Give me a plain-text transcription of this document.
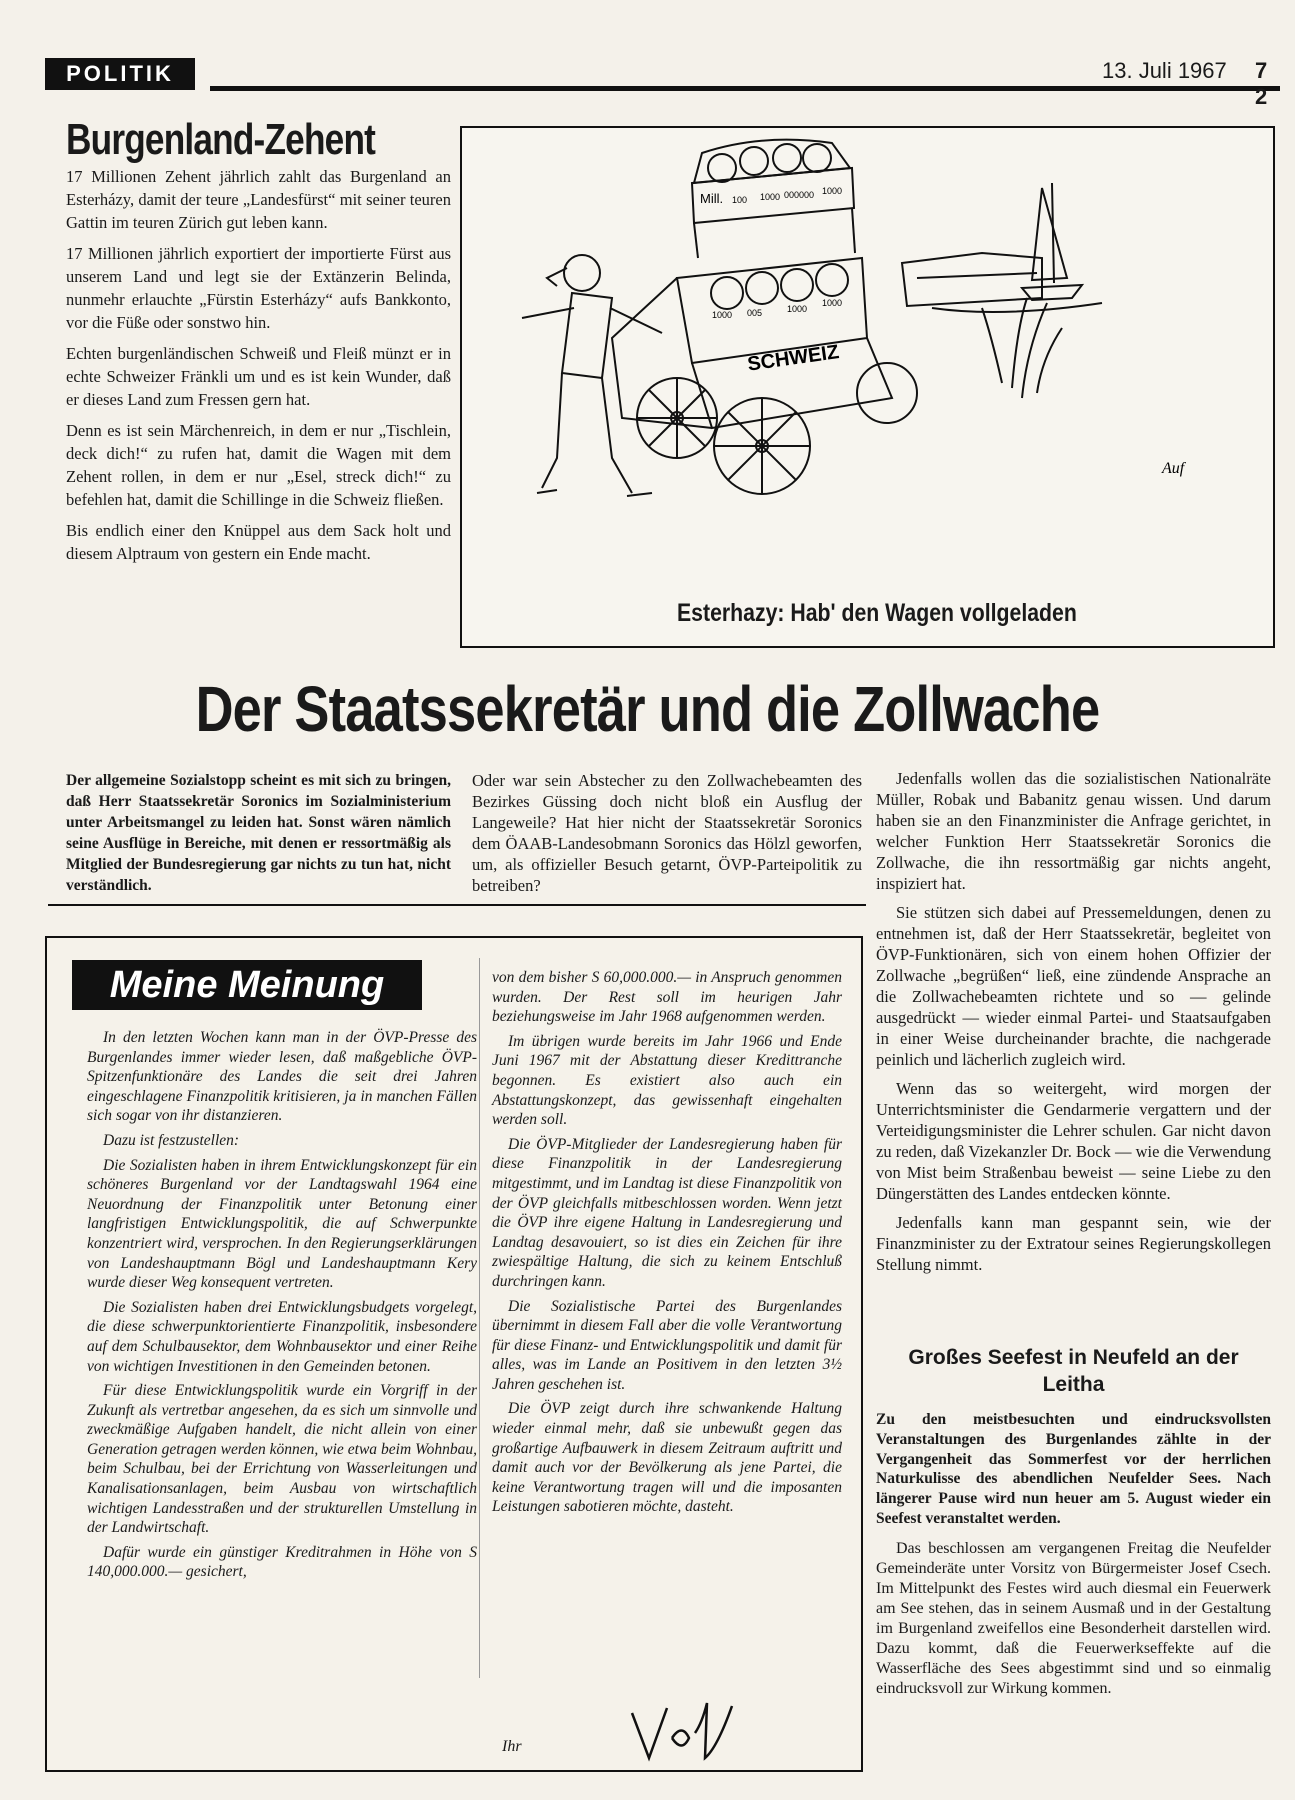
POLITIK	13. Juli 1967 7 2
Burgenland-Zehent

17 Millionen Zehent jährlich zahlt das Burgenland an Esterházy, damit der teure „Landesfürst“ mit seiner teuren Gattin im teuren Zürich gut leben kann.

17 Millionen jährlich exportiert der importierte Fürst aus unserem Land und legt sie der Extänzerin Belinda, nunmehr erlauchte „Fürstin Esterházy“ aufs Bankkonto, vor die Füße oder sonstwo hin.

Echten burgenländischen Schweiß und Fleiß münzt er in echte Schweizer Fränkli um und es ist kein Wunder, daß er dieses Land zum Fressen gern hat.

Denn es ist sein Märchenreich, in dem er nur „Tischlein, deck dich!“ zu rufen hat, damit die Wagen mit dem Zehent rollen, in dem er nur „Esel, streck dich!“ zu befehlen hat, damit die Schillinge in die Schweiz fließen.

Bis endlich einer den Knüppel aus dem Sack holt und diesem Alptraum von gestern ein Ende macht.

SCHWEIZ
Mill. 100 1000 000000 1000
1000 005	1000
1000
Auf
Esterhazy: Hab' den Wagen vollgeladen
Der Staatssekretär und die Zollwache
Der allgemeine Sozialstopp scheint es mit sich zu bringen, daß Herr Staatssekretär Soronics im Sozialministerium unter Arbeitsmangel zu leiden hat. Sonst wären nämlich seine Ausflüge in Bereiche, mit denen er ressortmäßig als Mitglied der Bundesregierung gar nichts zu tun hat, nicht verständlich.
Oder war sein Abstecher zu den Zollwachebeamten des Bezirkes Güssing doch nicht bloß ein Ausflug der Langeweile? Hat hier nicht der Staatssekretär Soronics dem ÖAAB-Landesobmann Soronics das Hölzl geworfen, um, als offizieller Besuch getarnt, ÖVP-Parteipolitik zu betreiben?

Jedenfalls wollen das die sozialistischen Nationalräte Müller, Robak und Babanitz genau wissen. Und darum haben sie an den Finanzminister die Anfrage gerichtet, in welcher Funktion Herr Staatssekretär Soronics die Zollwache, die ihn ressortmäßig gar nichts angeht, inspiziert hat.

Sie stützen sich dabei auf Pressemeldungen, denen zu entnehmen ist, daß der Herr Staatssekretär, begleitet von ÖVP-Funktionären, sich von einem hohen Offizier der Zollwache „begrüßen“ ließ, eine zündende Ansprache an die Zollwachebeamten richtete und so — gelinde ausgedrückt — wieder einmal Partei- und Staatsaufgaben in einer Weise durcheinander brachte, die nachgerade peinlich und lächerlich zugleich wird.

Wenn das so weitergeht, wird morgen der Unterrichtsminister die Gendarmerie vergattern und der Verteidigungsminister die Lehrer schulen. Gar nicht davon zu reden, daß Vizekanzler Dr. Bock — wie die Verwendung von Mist beim Straßenbau beweist — seine Liebe zu den Düngerstätten des Landes entdecken könnte.

Jedenfalls kann man gespannt sein, wie der Finanzminister zu der Extratour seines Regierungskollegen Stellung nimmt.

Meine Meinung

In den letzten Wochen kann man in der ÖVP-Presse des Burgenlandes immer wieder lesen, daß maßgebliche ÖVP-Spitzenfunktionäre des Landes die seit drei Jahren eingeschlagene Finanzpolitik kritisieren, ja in manchen Fällen sich sogar von ihr distanzieren.

Dazu ist festzustellen:

Die Sozialisten haben in ihrem Entwicklungskonzept für ein schöneres Burgenland vor der Landtagswahl 1964 eine Neuordnung der Finanzpolitik unter Betonung einer langfristigen Entwicklungspolitik, die auf Schwerpunkte konzentriert wird, versprochen. In den Regierungserklärungen von Landeshauptmann Bögl und Landeshauptmann Kery wurde dieser Weg konsequent vertreten.

Die Sozialisten haben drei Entwicklungsbudgets vorgelegt, die diese schwerpunktorientierte Finanzpolitik, insbesondere auf dem Schulbausektor, dem Wohnbausektor und einer Reihe von wichtigen Investitionen in den Gemeinden betonen.

Für diese Entwicklungspolitik wurde ein Vorgriff in der Zukunft als vertretbar angesehen, da es sich um sinnvolle und zweckmäßige Aufgaben handelt, die nicht allein von einer Generation getragen werden können, wie etwa beim Wohnbau, beim Schulbau, bei der Errichtung von Wasserleitungen und Kanalisationsanlagen, beim Ausbau von wirtschaftlich wichtigen Landesstraßen und der strukturellen Umstellung in der Landwirtschaft.

Dafür wurde ein günstiger Kreditrahmen in Höhe von S 140,000.000.— gesichert,

von dem bisher S 60,000.000.— in Anspruch genommen wurden. Der Rest soll im heurigen Jahr beziehungsweise im Jahr 1968 aufgenommen werden.

Im übrigen wurde bereits im Jahr 1966 und Ende Juni 1967 mit der Abstattung dieser Kredittranche begonnen. Es existiert also auch ein Abstattungskonzept, das gewissenhaft eingehalten werden soll.

Die ÖVP-Mitglieder der Landesregierung haben für diese Finanzpolitik in der Landesregierung mitgestimmt, und im Landtag ist diese Finanzpolitik von der ÖVP gleichfalls mitbeschlossen worden. Wenn jetzt die ÖVP ihre eigene Haltung in Landesregierung und Landtag desavouiert, so ist dies ein Zeichen für ihre zwiespältige Haltung, die sich zu keinem Entschluß durchringen kann.

Die Sozialistische Partei des Burgenlandes übernimmt in diesem Fall aber die volle Verantwortung für diese Finanz- und Entwicklungspolitik und damit für alles, was im Lande an Positivem in den letzten 3½ Jahren geschehen ist.

Die ÖVP zeigt durch ihre schwankende Haltung wieder einmal mehr, daß sie unbewußt gegen das großartige Aufbauwerk in diesem Zeitraum auftritt und damit auch vor der Bevölkerung als jene Partei, die keine Verantwortung tragen will und die imposanten Leistungen sabotieren möchte, dasteht.

Ihr
Großes Seefest in Neufeld an der Leitha

Zu den meistbesuchten und eindrucksvollsten Veranstaltungen des Burgenlandes zählte in der Vergangenheit das Sommerfest vor der herrlichen Naturkulisse des abendlichen Neufelder Sees. Nach längerer Pause wird nun heuer am 5. August wieder ein Seefest veranstaltet werden.

Das beschlossen am vergangenen Freitag die Neufelder Gemeinderäte unter Vorsitz von Bürgermeister Josef Csech. Im Mittelpunkt des Festes wird auch diesmal ein Feuerwerk am See stehen, das in seinem Ausmaß und in der Gestaltung im Burgenland zweifellos eine Besonderheit darstellen wird. Dazu kommt, daß die Feuerwerkseffekte auf die Wasserfläche des Sees abgestimmt sind und so einmalig eindrucksvoll zur Wirkung kommen.
